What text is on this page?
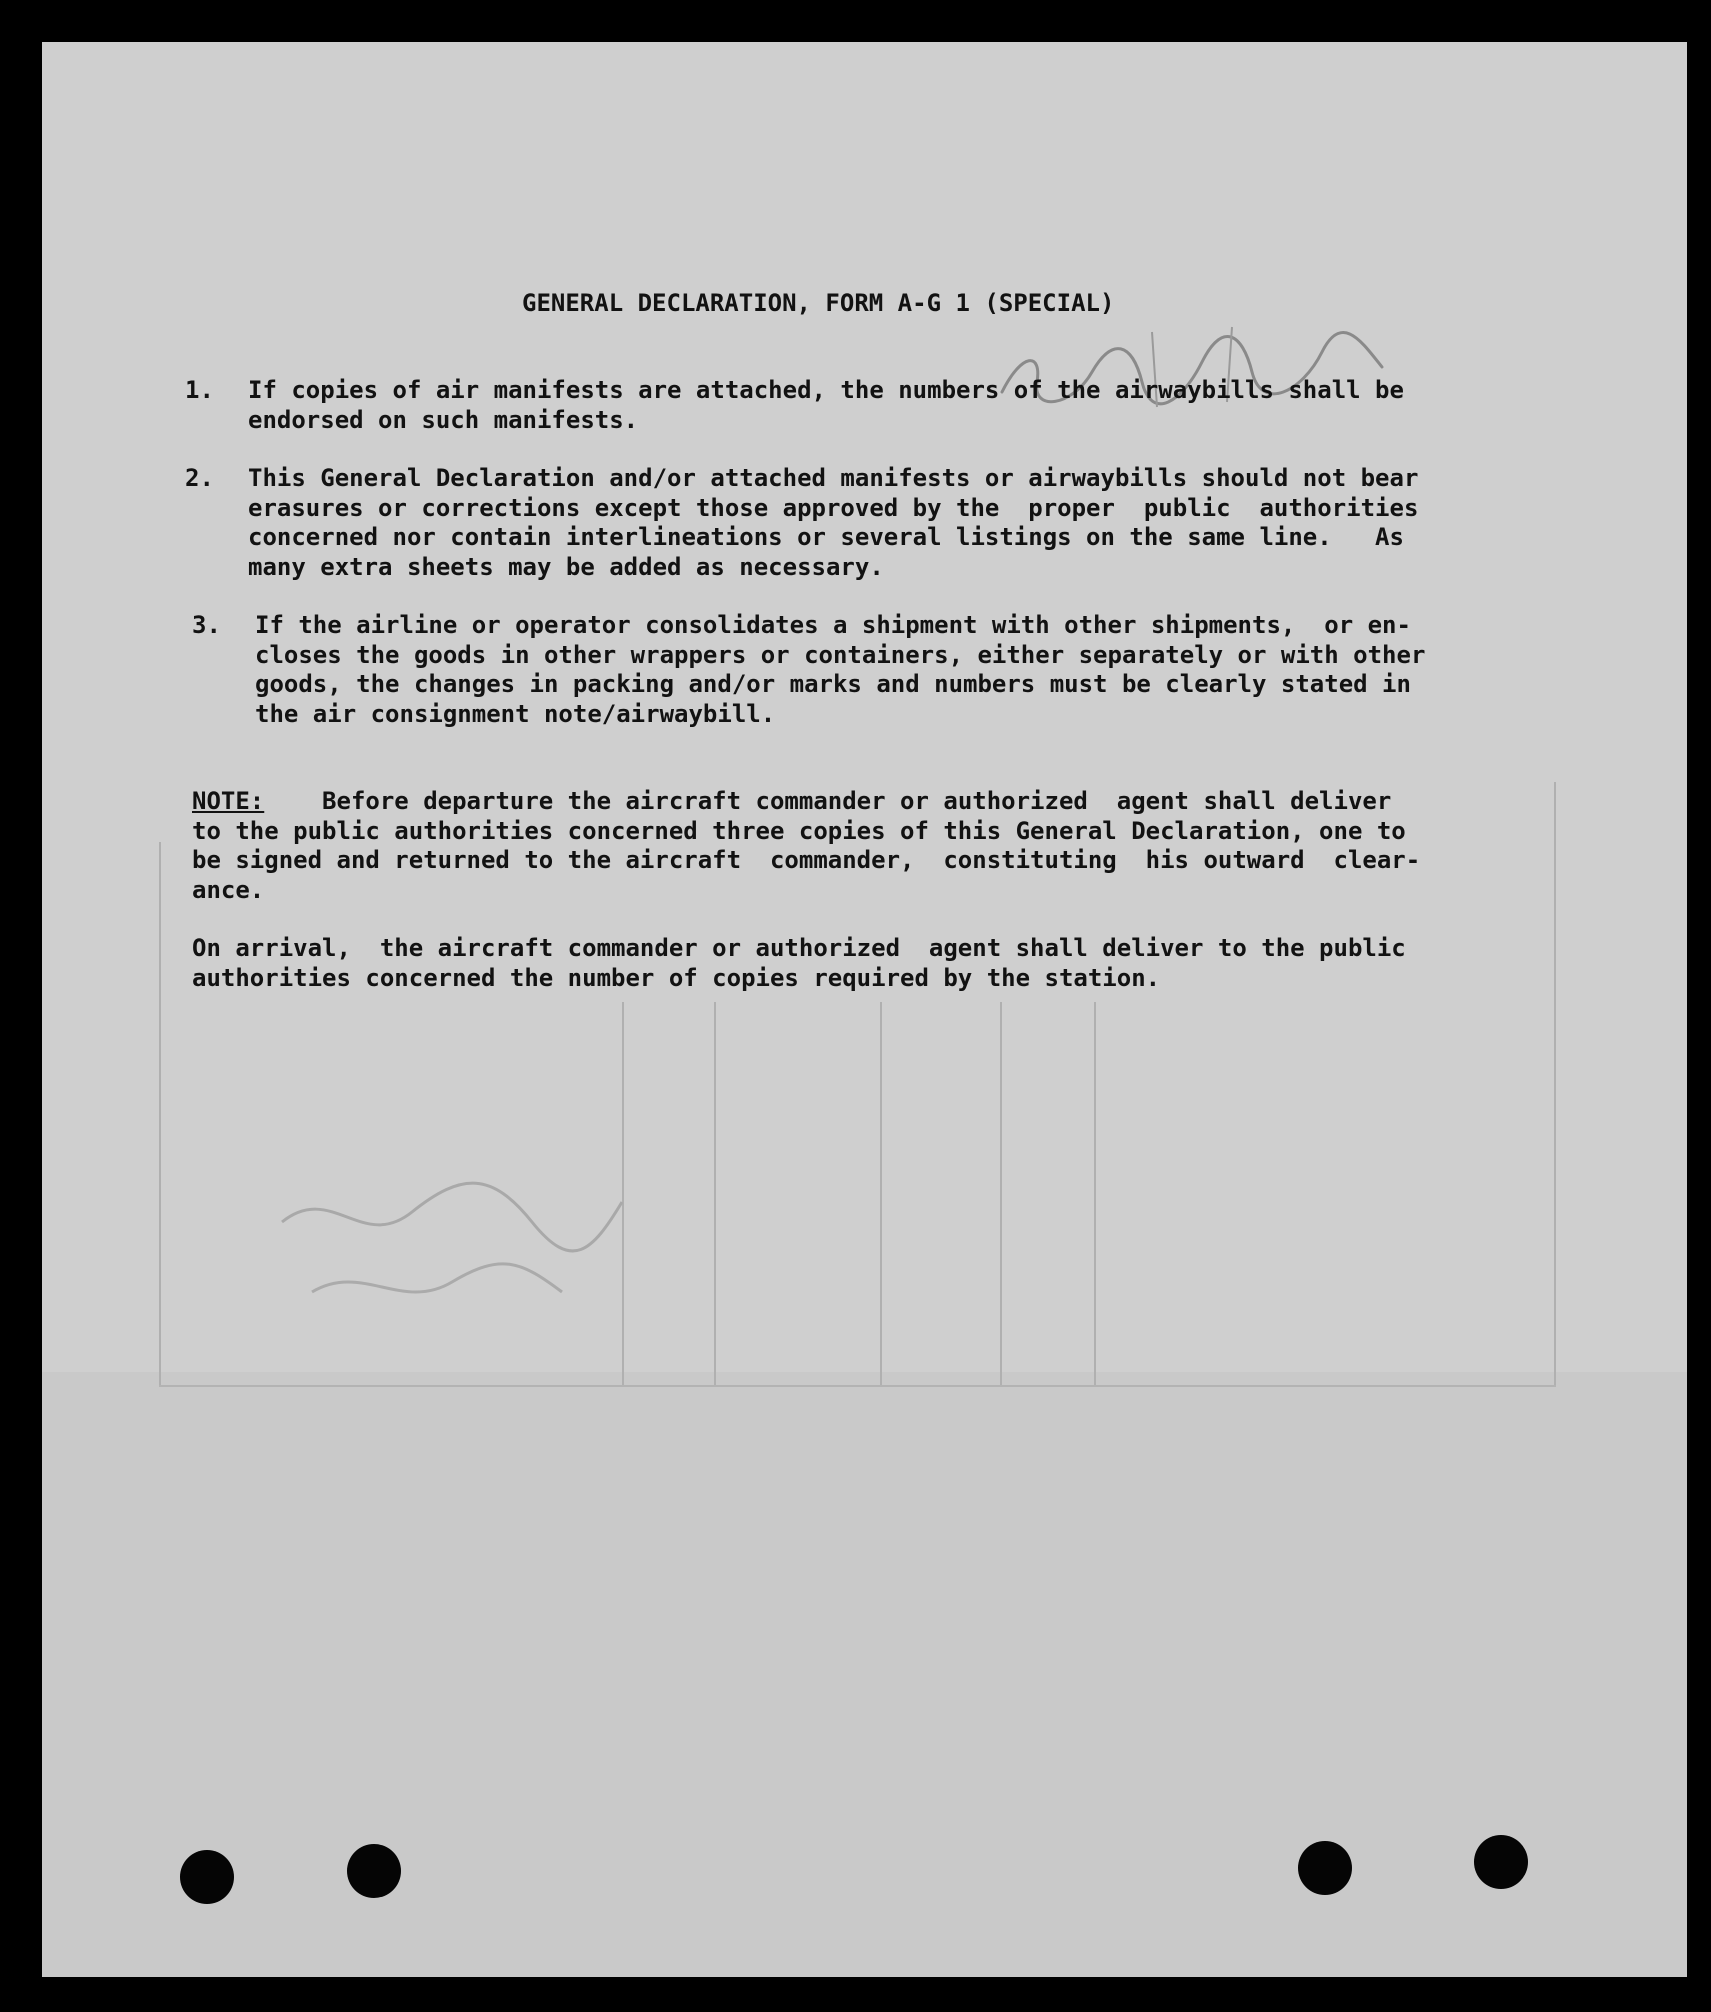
GENERAL DECLARATION, FORM A-G 1 (SPECIAL)
1. If copies of air manifests are attached, the numbers of the airwaybills shall be
endorsed on such manifests.
2. This General Declaration and/or attached manifests or airwaybills should not bear
erasures or corrections except those approved by the  proper  public  authorities
concerned nor contain interlineations or several listings on the same line.   As
many extra sheets may be added as necessary.
3. If the airline or operator consolidates a shipment with other shipments,  or en-
closes the goods in other wrappers or containers, either separately or with other
goods, the changes in packing and/or marks and numbers must be clearly stated in
the air consignment note/airwaybill.
NOTE:    Before departure the aircraft commander or authorized  agent shall deliver
to the public authorities concerned three copies of this General Declaration, one to
be signed and returned to the aircraft  commander,  constituting  his outward  clear-
ance.
On arrival,  the aircraft commander or authorized  agent shall deliver to the public
authorities concerned the number of copies required by the station.
